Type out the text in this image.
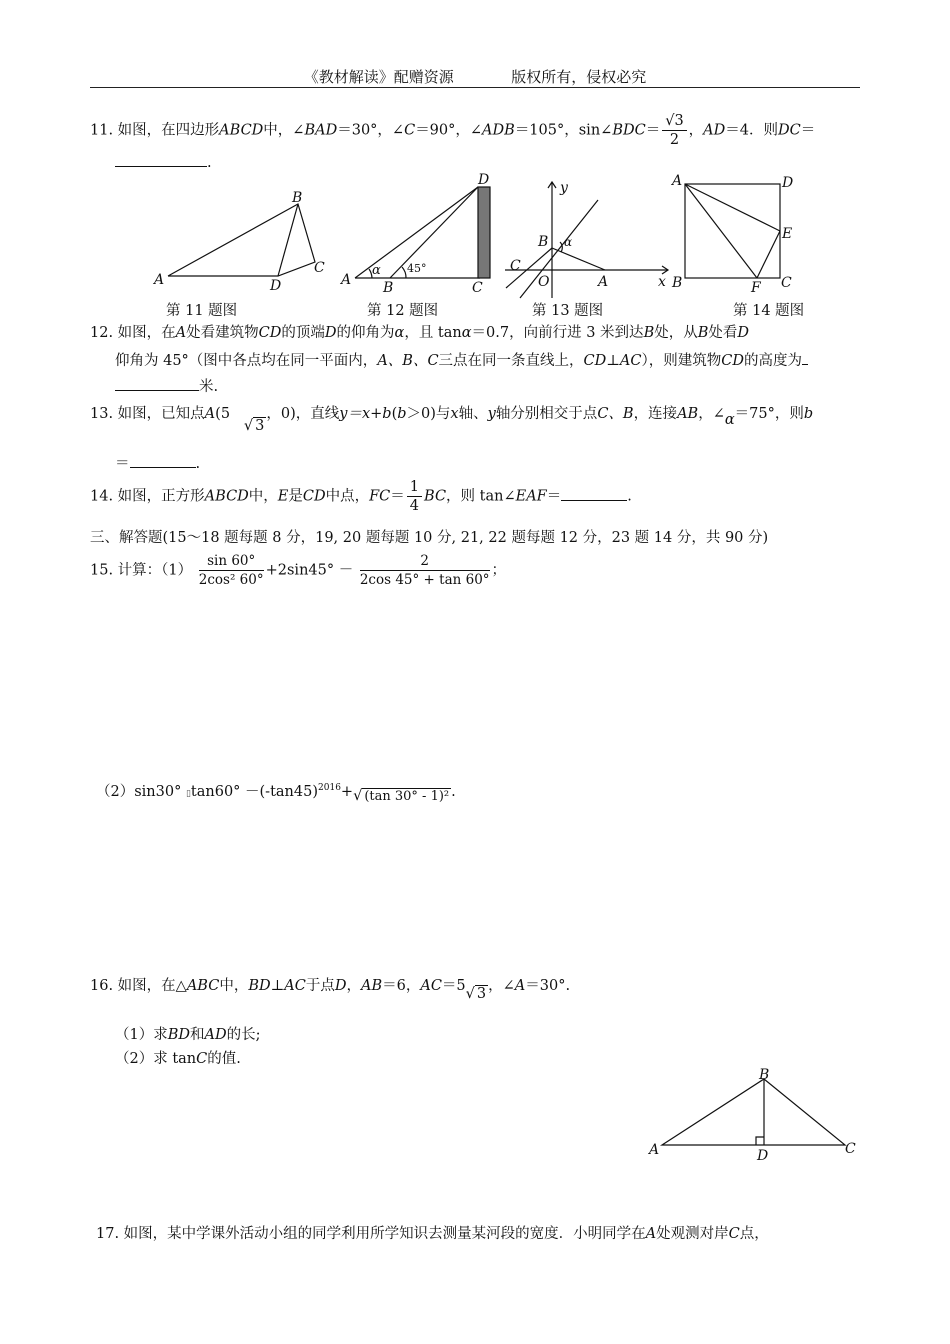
《教材解读》配赠资源	版权所有，侵权必究
11. 如图，在四边形ABCD中，∠BAD＝30°，∠C＝90°，∠ADB＝105°，sin∠BDC＝ $\frac{√3}{2}$ ，AD＝4．则DC＝
.
A
B
C
D
D
A
α
B
45°
C
y
B α
C
O	A	x
A	D
E
B	F C
第 11 题图	第 12 题图	第 13 题图	第 14 题图
12. 如图，在A处看建筑物CD的顶端D的仰角为α，且 tanα＝0.7，向前行进 3 米到达B处，从B处看D
仰角为 45°（图中各点均在同一平面内，A、B、C三点在同一条直线上，CD⊥AC），则建筑物CD的高度为
米.
13. 如图，已知点A(5   √ 3，0)，直线y＝x+b(b＞0)与x轴、y轴分别相交于点C、B，连接AB，∠α＝75°，则b
＝	.
14. 如图，正方形ABCD中，E是CD中点，$FC= \frac{1}{4}$ BC，则 tan∠EAF＝	.
三、解答题(15～18 题每题 8 分，19, 20 题每题 10 分, 21, 22 题每题 12 分，23 题 14 分，共 90 分)
15. 计算：$(1) \frac{\sin 60^\circ}{\text{2cos² 60°}} +2\sin 45^\circ - \frac{2}{2\cos 45^\circ + \tan 60^\circ}$ ；
（2）sin30° ▯tan60° $-(-\tan 45)^{2016}+√$ (tan 30° - 1)² .
16. 如图，在△ABC中，BD⊥AC于点D，AB＝6，AC＝5√ 3 ，∠A＝30°.
（1）求BD和AD的长;
（2）求 tanC的值.
A
B
C
D
17. 如图，某中学课外活动小组的同学利用所学知识去测量某河段的宽度．小明同学在A处观测对岸C点，
